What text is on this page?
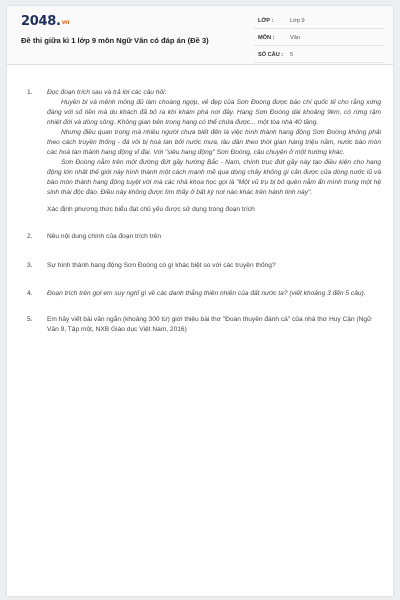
2048.vn
Đề thi giữa kì 1 lớp 9 môn Ngữ Văn có đáp án (Đề 3)
LỚP :	Lớp 9
MÔN :	Văn
SỐ CÂU : 5
1. Đọc đoạn trích sau và trả lời các câu hỏi:
Huyền bí và mênh mông đủ làm choáng ngợp, vẻ đẹp của Sơn Đoòng được báo chí quốc tế cho rằng xứng đáng với số tiền mà du khách đã bỏ ra khi khám phá nơi đây. Hang Sơn Đoòng dài khoảng 9km, có rừng rậm nhiệt đới và dòng sông. Không gian bên trong hang có thể chứa được... một tòa nhà 40 tầng.
Nhưng điều quan trọng mà nhiều người chưa biết đến là việc hình thành hang động Sơn Đoòng không phải theo cách truyền thống - đá vôi bị hoà tan bởi nước mưa, lâu dần theo thời gian hàng triệu năm, nước bào mòn các hoá tan thành hang động vĩ đại. Với "siêu hang động" Sơn Đoòng, câu chuyện ở một hướng khác.
Sơn Đoòng nằm trên một đường đứt gãy hướng Bắc - Nam, chính trục đứt gãy này tạo điều kiện cho hang động lớn nhất thế giới này hình thành một cách mạnh mẽ qua dòng chảy không gì cản được của dòng nước lũ và bào mòn thành hang động tuyệt vời mà các nhà khoa học gọi là "Một vũ trụ bị bỏ quên nằm ẩn mình trong một hệ sinh thái độc đáo. Điều này không được tìm thấy ở bất kỳ nơi nào khác trên hành tinh này".
Xác định phương thức biểu đạt chủ yếu được sử dụng trong đoạn trích
2. Nêu nội dung chính của đoạn trích trên
3. Sự hình thành hang động Sơn Đoòng có gì khác biệt so với các truyền thống?
4. Đoạn trích trên gợi em suy nghĩ gì về các danh thắng thiên nhiên của đất nước ta? (viết khoảng 3 đến 5 câu).
5. Em hãy viết bài văn ngắn (khoảng 300 từ) giới thiệu bài thơ "Đoàn thuyền đánh cá" của nhà thơ Huy Cận (Ngữ Văn 9, Tập một, NXB Giáo dục Việt Nam, 2016)
